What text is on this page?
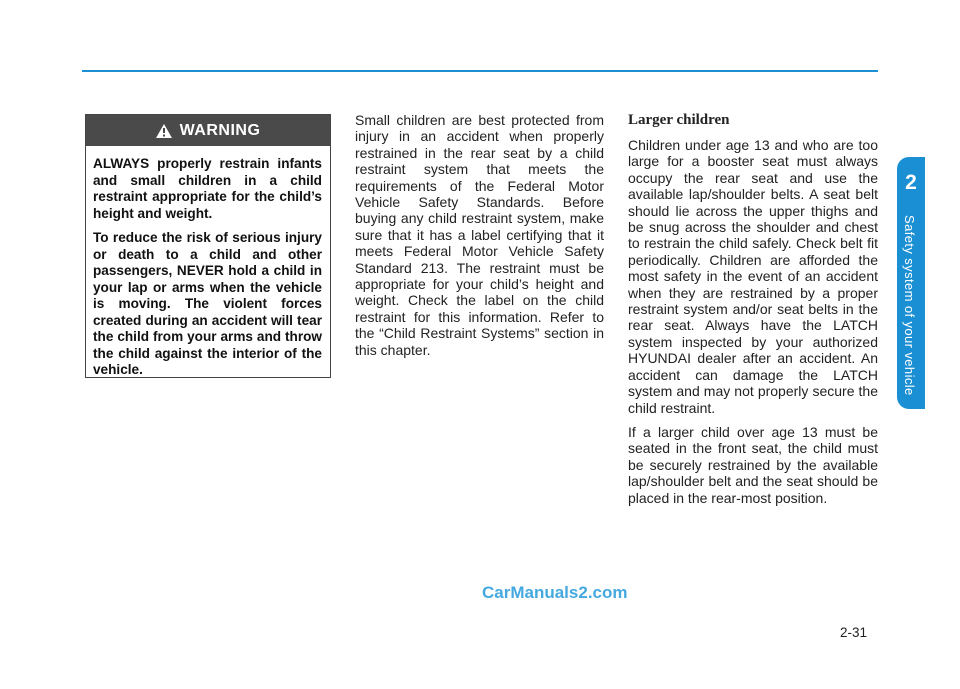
2
Safety system of your vehicle
WARNING

ALWAYS properly restrain infants and small children in a child restraint appropriate for the child’s height and weight.

To reduce the risk of serious injury or death to a child and other passengers, NEVER hold a child in your lap or arms when the vehicle is moving. The violent forces created during an accident will tear the child from your arms and throw the child against the interior of the vehicle.

Small children are best protected from injury in an accident when properly restrained in the rear seat by a child restraint system that meets the requirements of the Federal Motor Vehicle Safety Standards. Before buying any child restraint system, make sure that it has a label certifying that it meets Federal Motor Vehicle Safety Standard 213. The restraint must be appropriate for your child’s height and weight. Check the label on the child restraint for this information. Refer to the “Child Restraint Systems” section in this chapter.

Larger children

Children under age 13 and who are too large for a booster seat must always occupy the rear seat and use the available lap/shoulder belts. A seat belt should lie across the upper thighs and be snug across the shoulder and chest to restrain the child safely. Check belt fit periodically. Children are afforded the most safety in the event of an accident when they are restrained by a proper restraint system and/or seat belts in the rear seat. Always have the LATCH system inspected by your authorized HYUNDAI dealer after an accident. An accident can damage the LATCH system and may not properly secure the child restraint.

If a larger child over age 13 must be seated in the front seat, the child must be securely restrained by the available lap/shoulder belt and the seat should be placed in the rear-most position.

CarManuals2.com
2-31
